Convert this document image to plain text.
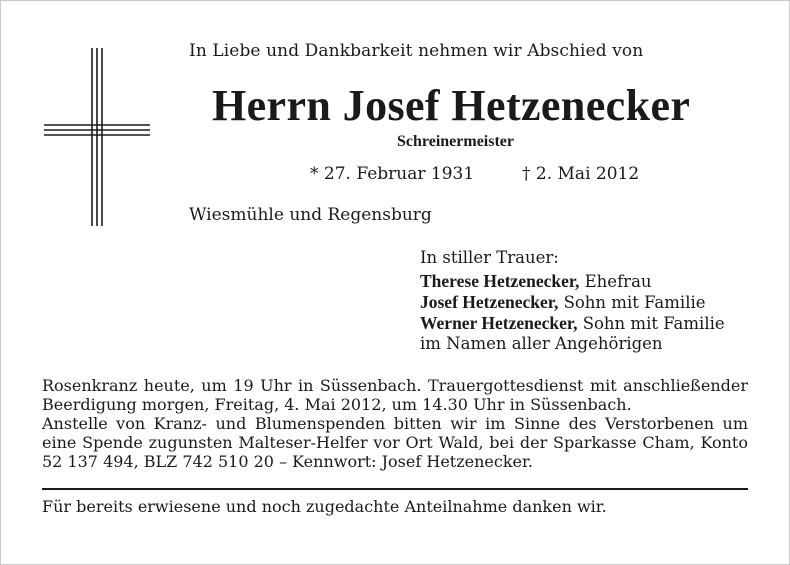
In Liebe und Dankbarkeit nehmen wir Abschied von
Herrn Josef Hetzenecker
Schreinermeister
* 27. Februar 1931	† 2. Mai 2012
Wiesmühle und Regensburg
In stiller Trauer:
Therese Hetzenecker, Ehefrau
Josef Hetzenecker, Sohn mit Familie
Werner Hetzenecker, Sohn mit Familie
im Namen aller Angehörigen

Rosenkranz heute, um 19 Uhr in Süssenbach. Trauergottesdienst mit anschließender Beerdigung morgen, Freitag, 4. Mai 2012, um 14.30 Uhr in Süssenbach.

Anstelle von Kranz- und Blumenspenden bitten wir im Sinne des Verstorbenen um eine Spende zugunsten Malteser-Helfer vor Ort Wald, bei der Sparkasse Cham, Konto 52 137 494, BLZ 742 510 20 – Kennwort: Josef Hetzenecker.

Für bereits erwiesene und noch zugedachte Anteilnahme danken wir.
